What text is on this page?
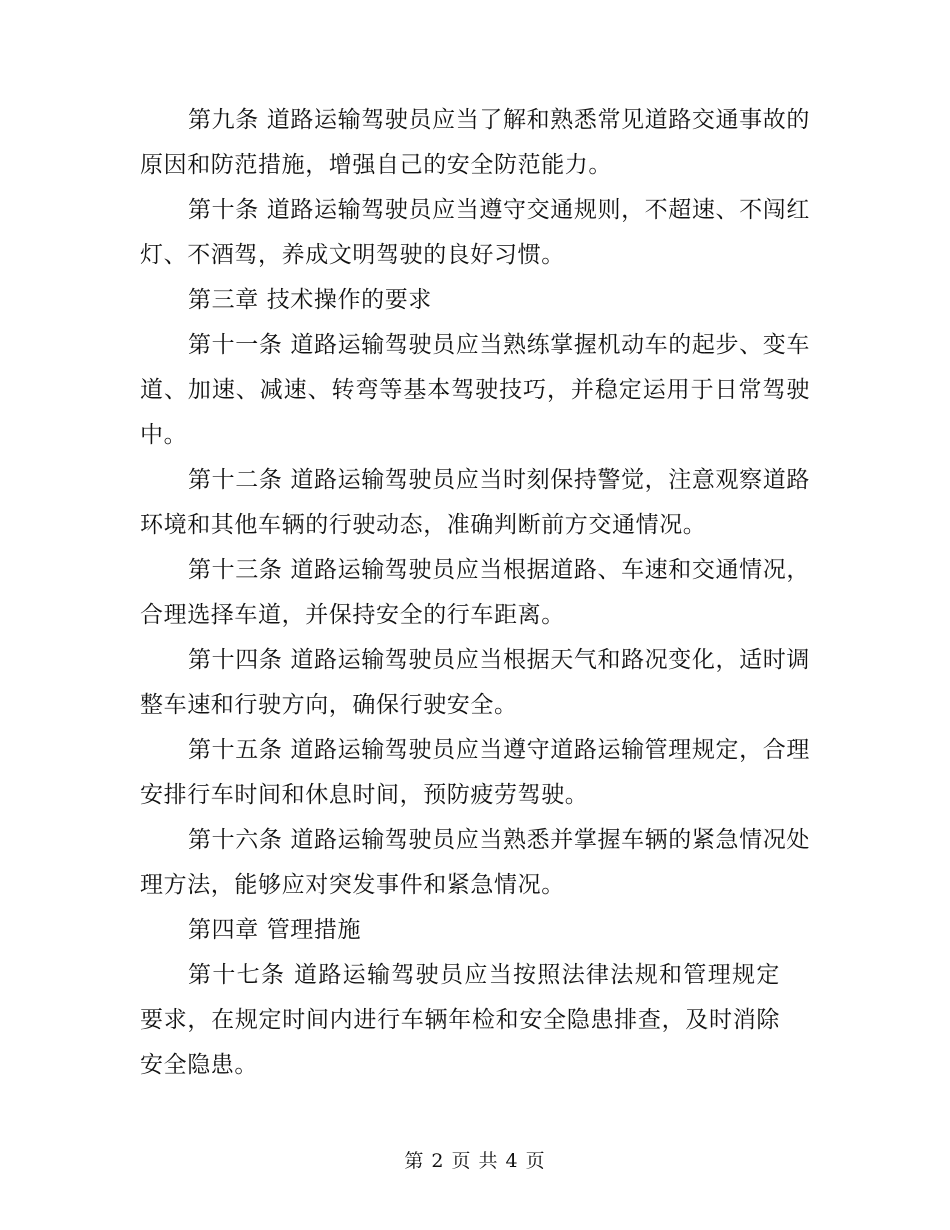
第九条 道路运输驾驶员应当了解和熟悉常见道路交通事故的原因和防范措施，增强自己的安全防范能力。

第十条 道路运输驾驶员应当遵守交通规则，不超速、不闯红灯、不酒驾，养成文明驾驶的良好习惯。

第三章 技术操作的要求

第十一条 道路运输驾驶员应当熟练掌握机动车的起步、变车道、加速、减速、转弯等基本驾驶技巧，并稳定运用于日常驾驶中。

第十二条 道路运输驾驶员应当时刻保持警觉，注意观察道路环境和其他车辆的行驶动态，准确判断前方交通情况。

第十三条 道路运输驾驶员应当根据道路、车速和交通情况，合理选择车道，并保持安全的行车距离。

第十四条 道路运输驾驶员应当根据天气和路况变化，适时调整车速和行驶方向，确保行驶安全。

第十五条 道路运输驾驶员应当遵守道路运输管理规定，合理安排行车时间和休息时间，预防疲劳驾驶。

第十六条 道路运输驾驶员应当熟悉并掌握车辆的紧急情况处理方法，能够应对突发事件和紧急情况。

第四章 管理措施

第十七条 道路运输驾驶员应当按照法律法规和管理规定要求，在规定时间内进行车辆年检和安全隐患排查，及时消除安全隐患。

第 2 页 共 4 页
